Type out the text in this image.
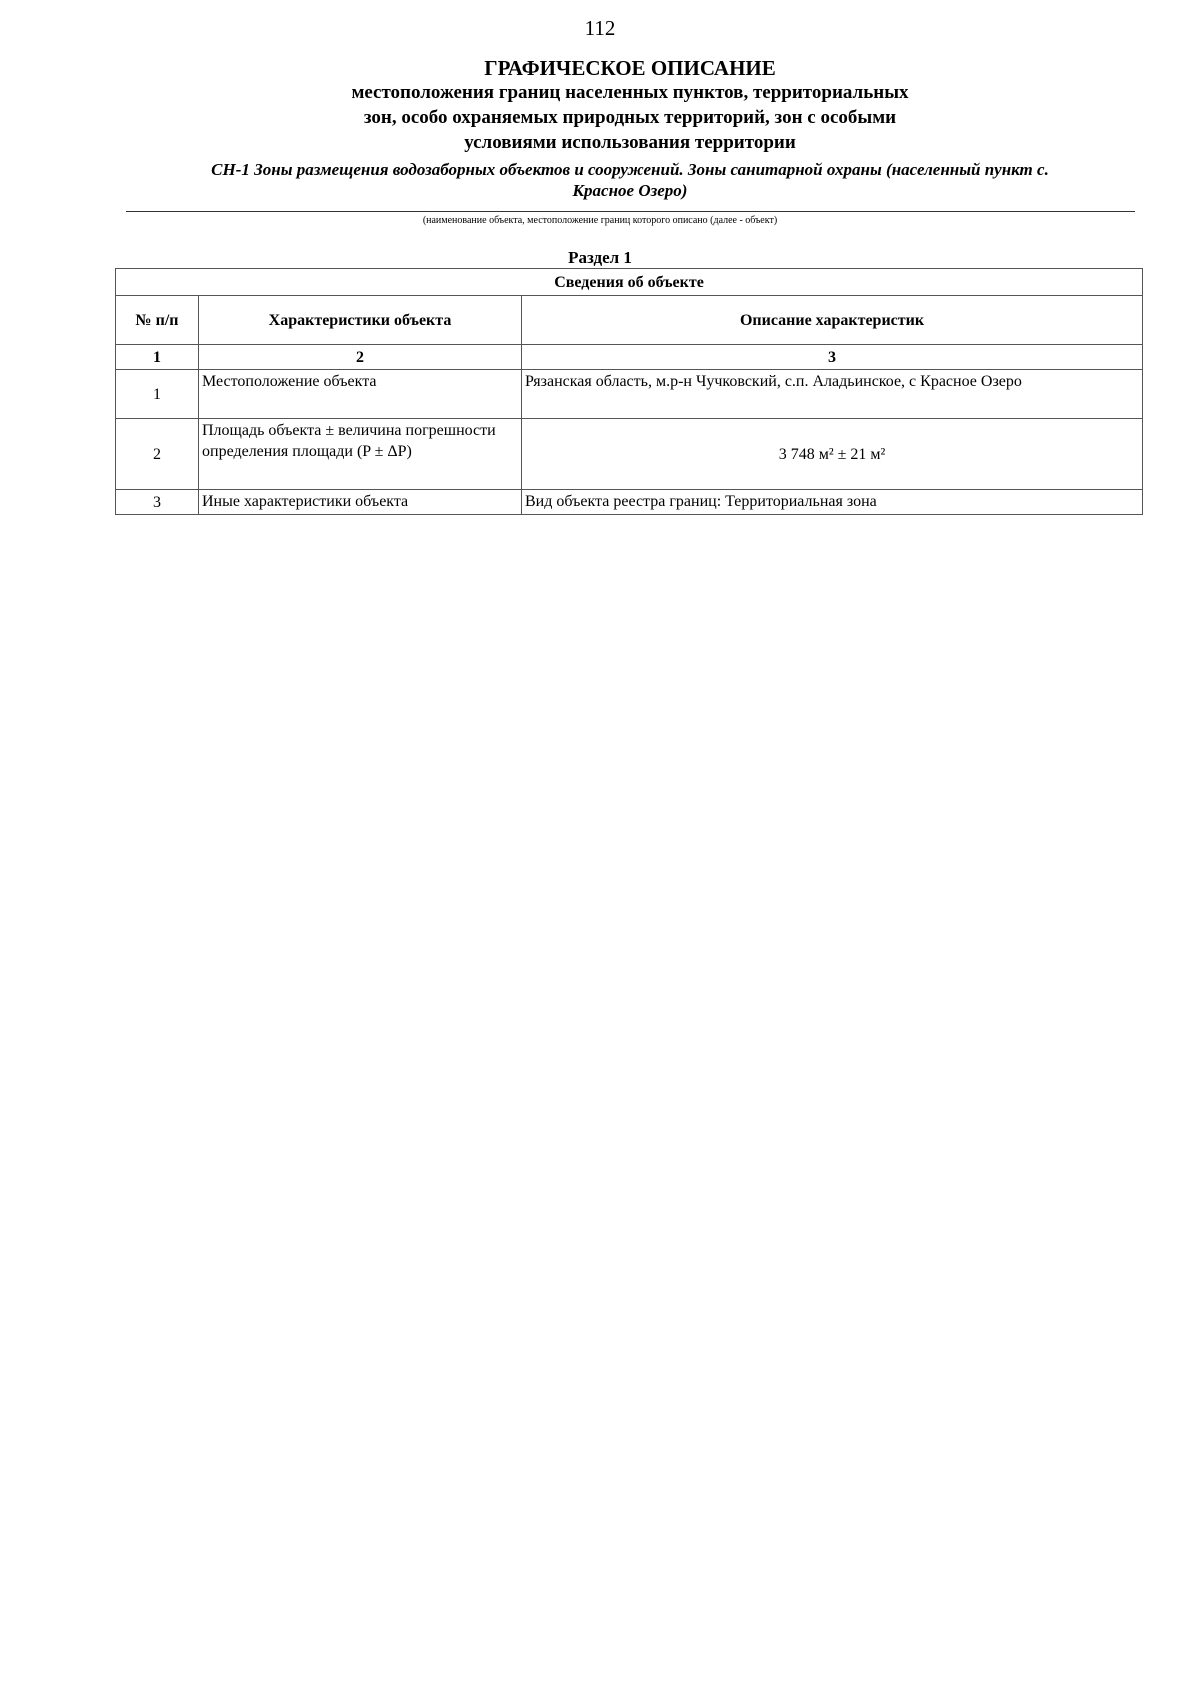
112
ГРАФИЧЕСКОЕ ОПИСАНИЕ
местоположения границ населенных пунктов, территориальных
зон, особо охраняемых природных территорий, зон с особыми
условиями использования территории
СН-1 Зоны размещения водозаборных объектов и сооружений. Зоны санитарной охраны (населенный пункт с.
Красное Озеро)
(наименование объекта, местоположение границ которого описано (далее - объект)
Раздел 1
Сведения об объекте		
№ п/п	Характеристики объекта	Описание характеристик
1	2	3
1	Местоположение объекта	Рязанская область, м.р-н Чучковский, с.п. Аладьинское, с Красное Озеро
2	Площадь объекта ± величина погрешности определения площади (P ± ΔP)	3 748 м² ± 21 м²
3	Иные характеристики объекта	Вид объекта реестра границ: Территориальная зона
